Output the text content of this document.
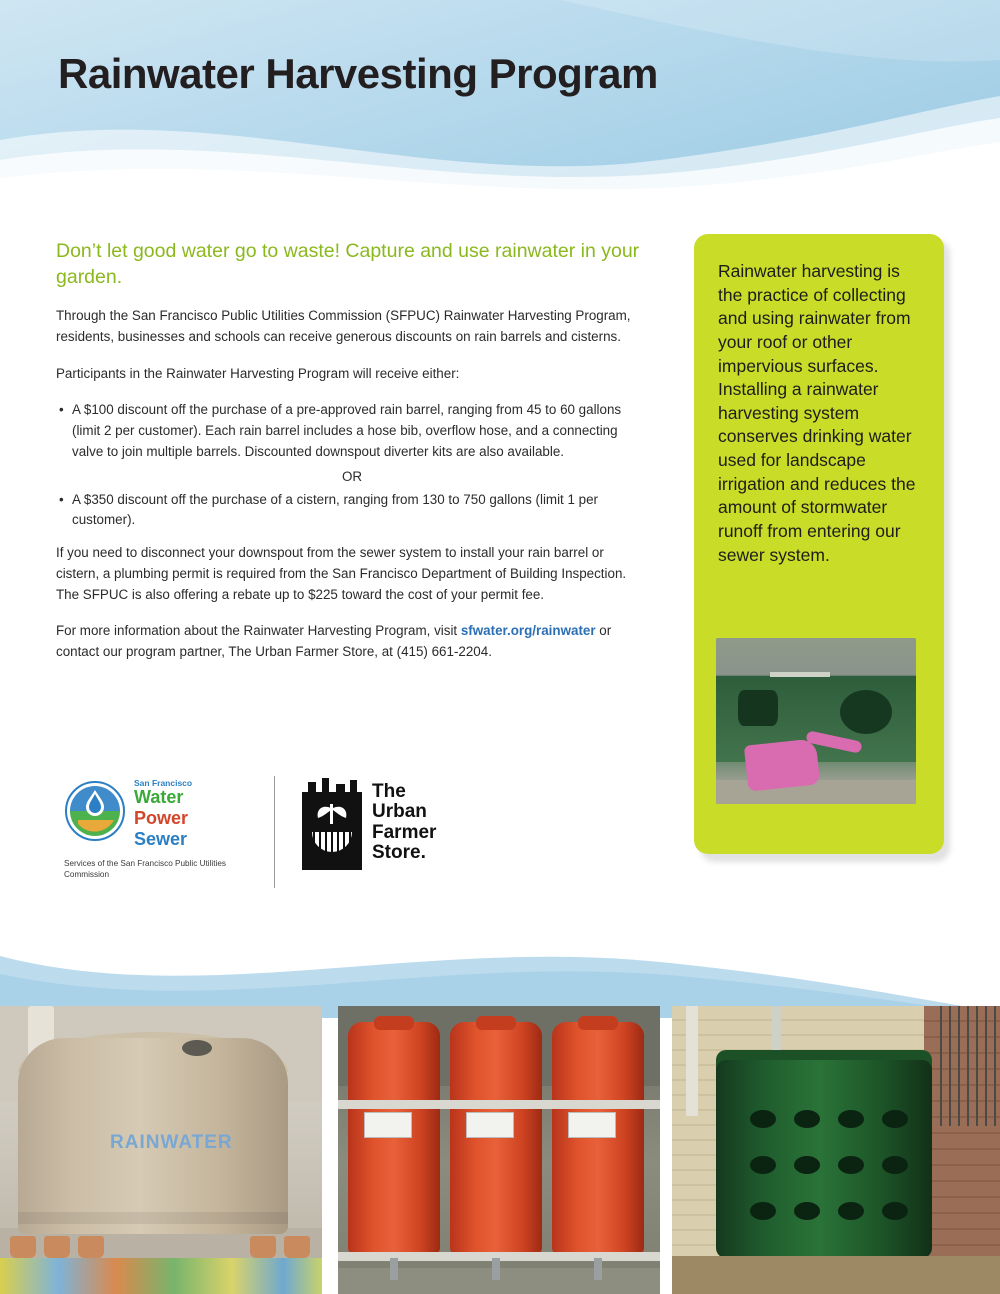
Rainwater Harvesting Program
Don’t let good water go to waste! Capture and use rainwater in your garden.

Through the San Francisco Public Utilities Commission (SFPUC) Rainwater Harvesting Program, residents, businesses and schools can receive generous discounts on rain barrels and cisterns.

Participants in the Rainwater Harvesting Program will receive either:

• A $100 discount off the purchase of a pre-approved rain barrel, ranging from 45 to 60 gallons (limit 2 per customer). Each rain barrel includes a hose bib, overflow hose, and a connecting valve to join multiple barrels. Discounted downspout diverter kits are also available.
OR
• A $350 discount off the purchase of a cistern, ranging from 130 to 750 gallons (limit 1 per customer).

If you need to disconnect your downspout from the sewer system to install your rain barrel or cistern, a plumbing permit is required from the San Francisco Department of Building Inspection. The SFPUC is also offering a rebate up to $225 toward the cost of your permit fee.

For more information about the Rainwater Harvesting Program, visit sfwater.org/rainwater or contact our program partner, The Urban Farmer Store, at (415) 661-2204.

Rainwater harvesting is the practice of collecting and using rainwater from your roof or other impervious surfaces. Installing a rainwater harvesting system conserves drinking water used for landscape irrigation and reduces the amount of stormwater runoff from entering our sewer system.
San Francisco
Water
Power
Sewer
Services of the San Francisco Public Utilities Commission
The
Urban
Farmer
Store.
RAINWATER
